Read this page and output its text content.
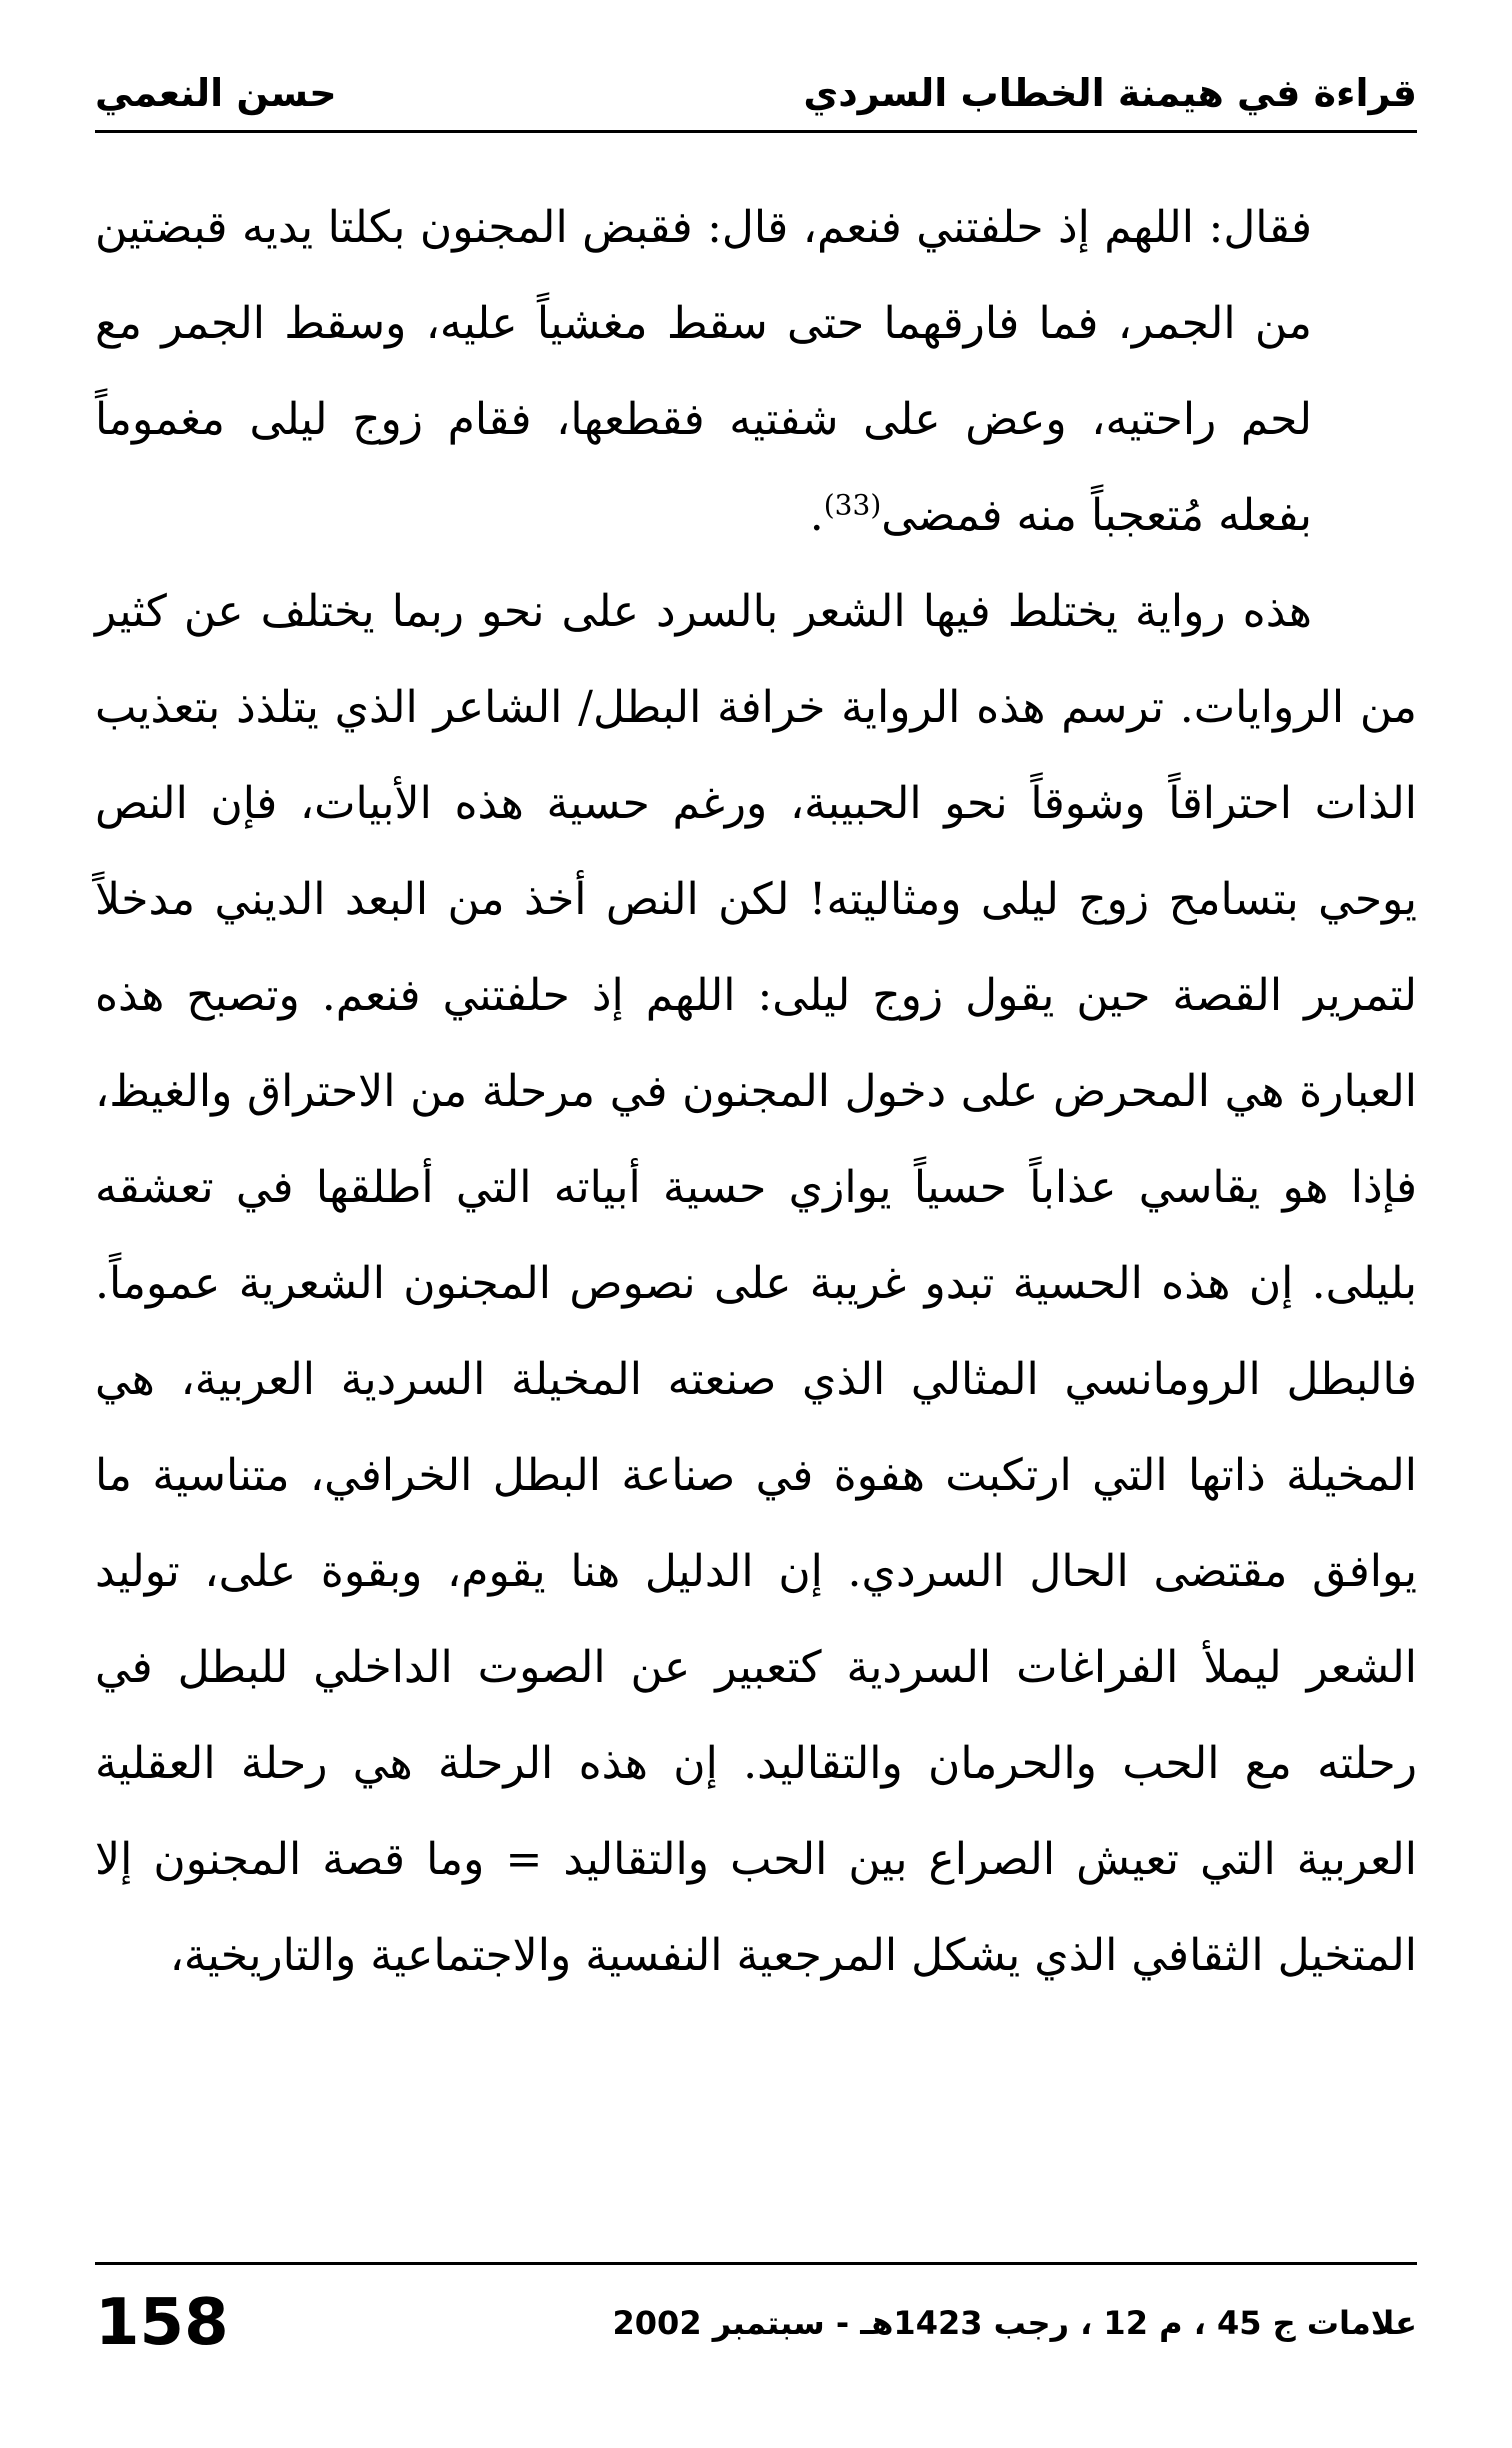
قراءة في هيمنة الخطاب السردي
حسن النعمي

فقال: اللهم إذ حلفتني فنعم، قال: فقبض المجنون بكلتا يديه قبضتين من الجمر، فما فارقهما حتى سقط مغشياً عليه، وسقط الجمر مع لحم راحتيه، وعض على شفتيه فقطعها، فقام زوج ليلى مغموماً بفعله مُتعجباً منه فمضى$^{(33)}$.

هذه رواية يختلط فيها الشعر بالسرد على نحو ربما يختلف عن كثير من الروايات. ترسم هذه الرواية خرافة البطل/ الشاعر الذي يتلذذ بتعذيب الذات احتراقاً وشوقاً نحو الحبيبة، ورغم حسية هذه الأبيات، فإن النص يوحي بتسامح زوج ليلى ومثاليته! لكن النص أخذ من البعد الديني مدخلاً لتمرير القصة حين يقول زوج ليلى: اللهم إذ حلفتني فنعم. وتصبح هذه العبارة هي المحرض على دخول المجنون في مرحلة من الاحتراق والغيظ، فإذا هو يقاسي عذاباً حسياً يوازي حسية أبياته التي أطلقها في تعشقه بليلى. إن هذه الحسية تبدو غريبة على نصوص المجنون الشعرية عموماً. فالبطل الرومانسي المثالي الذي صنعته المخيلة السردية العربية، هي المخيلة ذاتها التي ارتكبت هفوة في صناعة البطل الخرافي، متناسية ما يوافق مقتضى الحال السردي. إن الدليل هنا يقوم، وبقوة على، توليد الشعر ليملأ الفراغات السردية كتعبير عن الصوت الداخلي للبطل في رحلته مع الحب والحرمان والتقاليد. إن هذه الرحلة هي رحلة العقلية العربية التي تعيش الصراع بين الحب والتقاليد = وما قصة المجنون إلا المتخيل الثقافي الذي يشكل المرجعية النفسية والاجتماعية والتاريخية،

علامات ج 45 ، م 12 ، رجب 1423هـ - سبتمبر 2002
158
